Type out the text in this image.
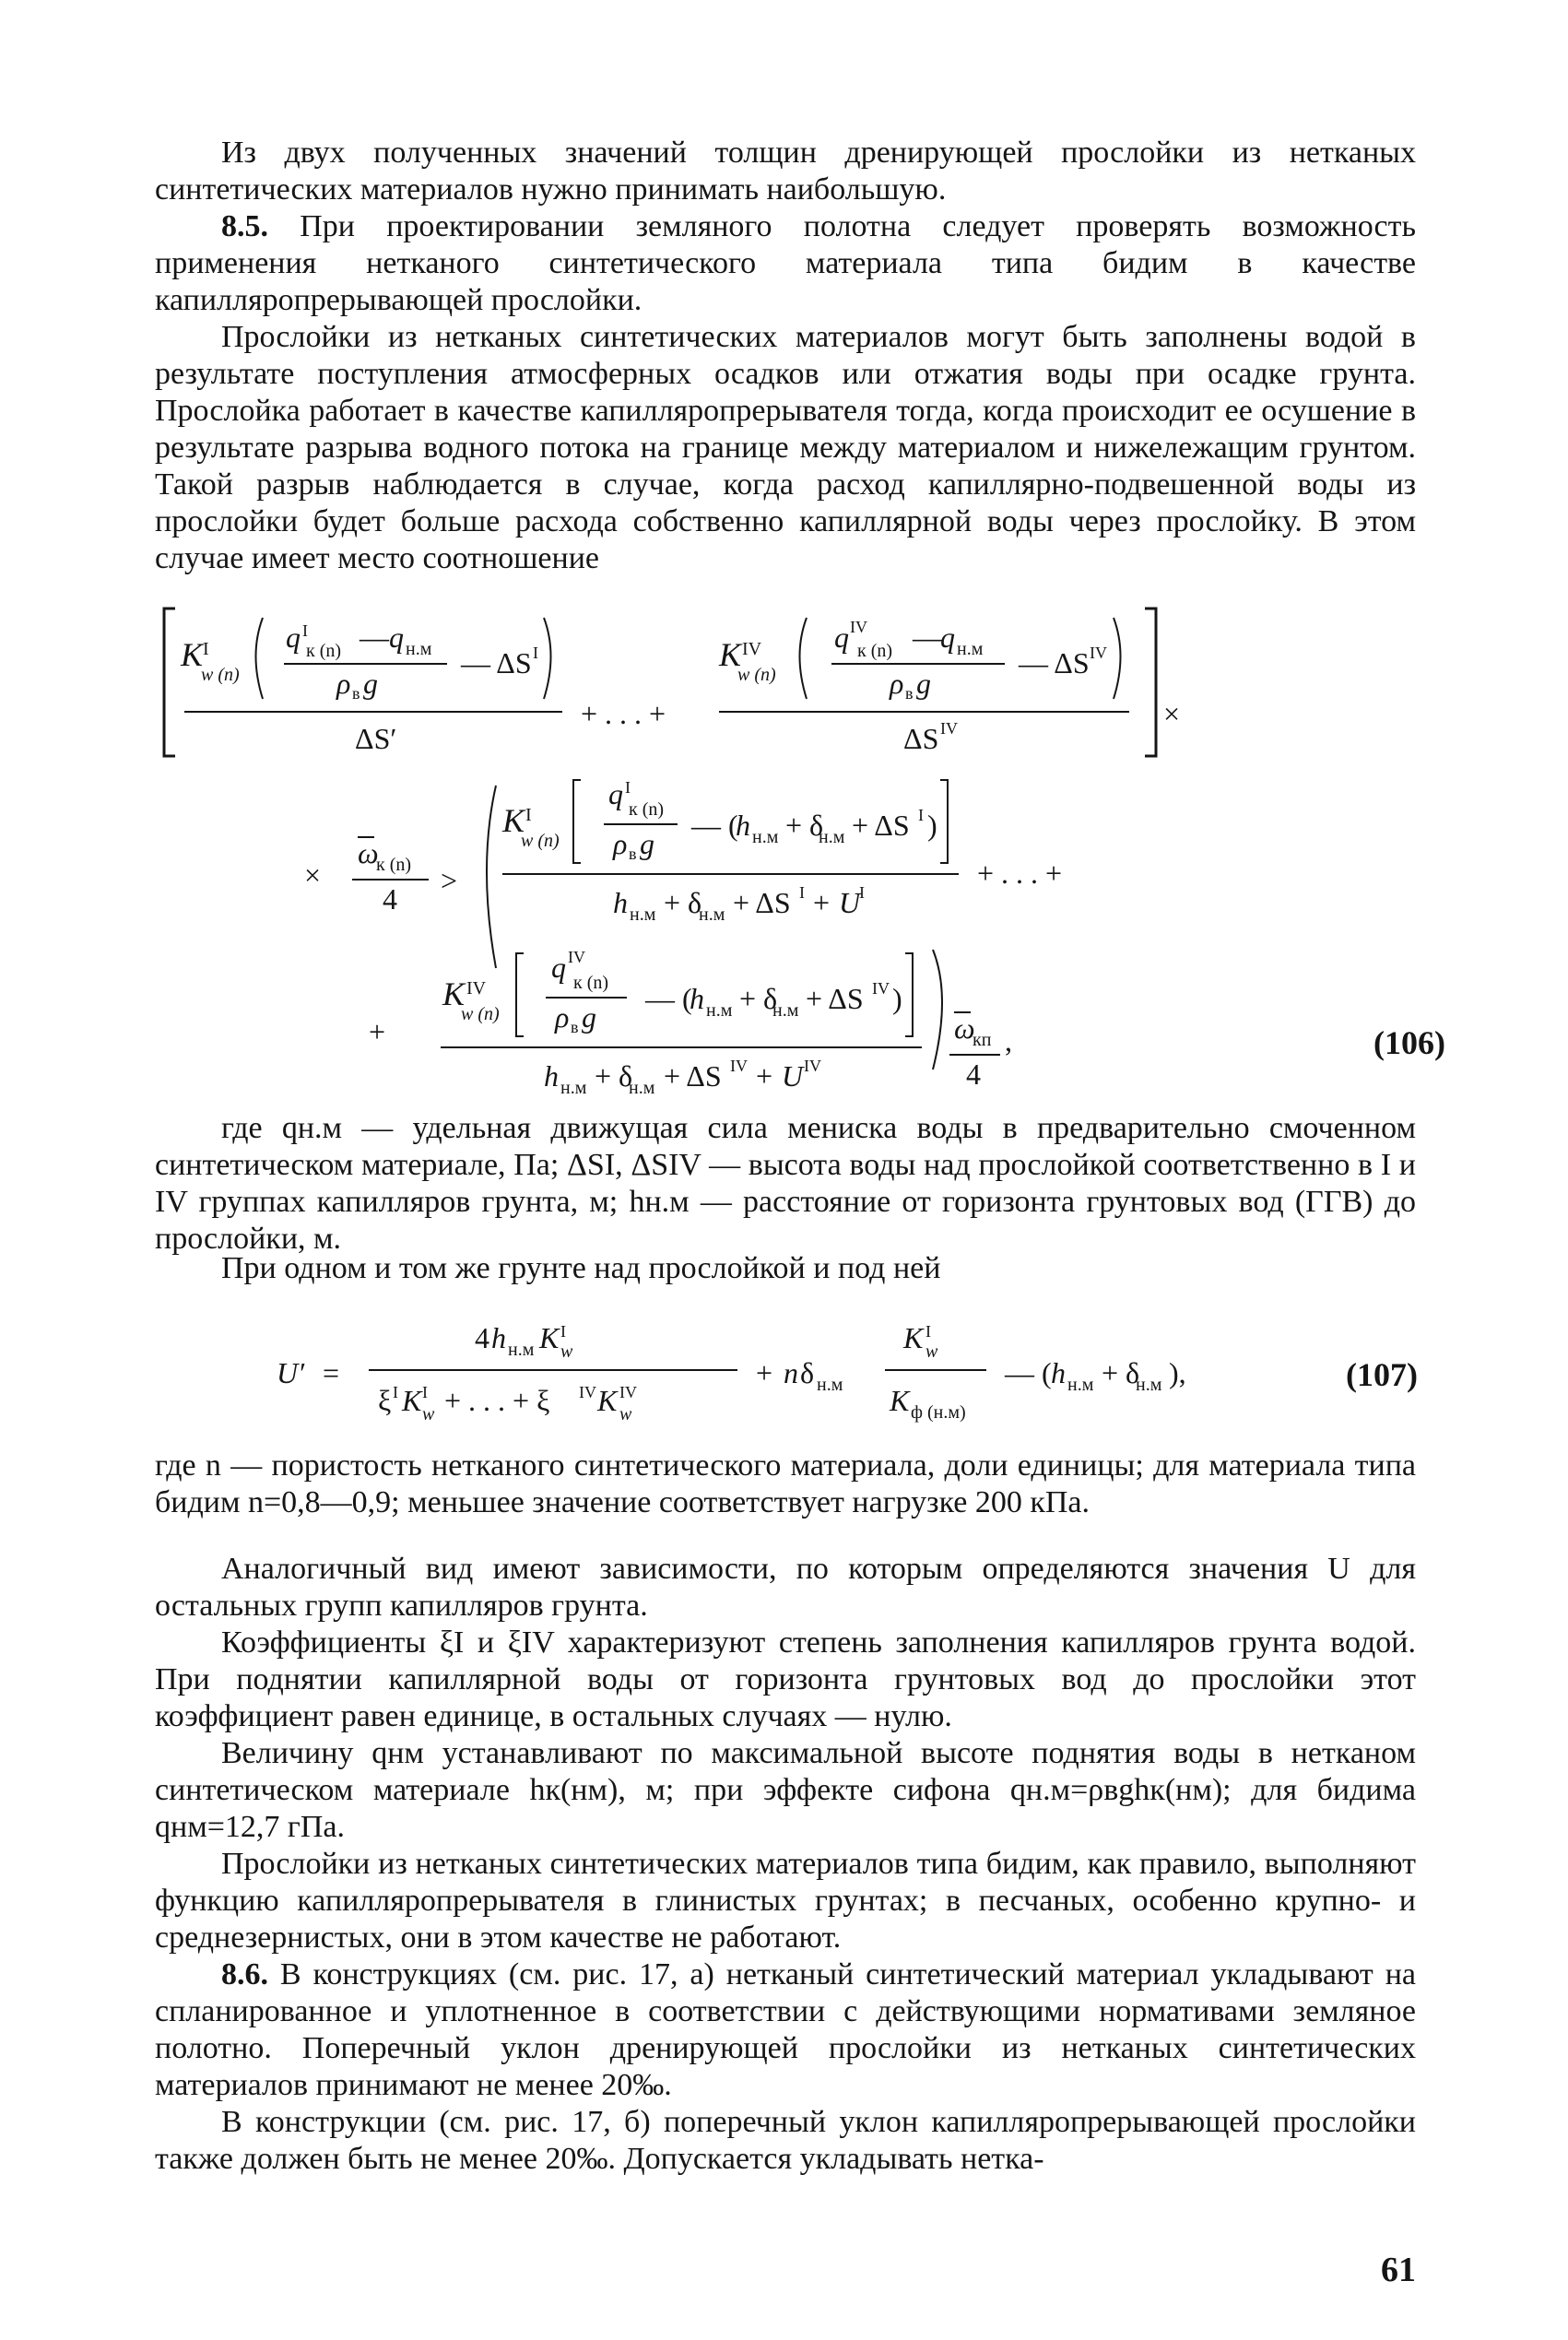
Из двух полученных значений толщин дренирующей прослойки из нетканых синтетических материалов нужно принимать наибольшую.

8.5. При проектировании земляного полотна следует проверять возможность применения нетканого синтетического материала типа бидим в качестве капилляропрерывающей прослойки.

Прослойки из нетканых синтетических материалов могут быть заполнены водой в результате поступления атмосферных осадков или отжатия воды при осадке грунта. Прослойка работает в качестве капилляропрерывателя тогда, когда происходит ее осушение в результате разрыва водного потока на границе между материалом и нижележащим грунтом. Такой разрыв наблюдается в случае, когда расход капиллярно-подвешенной воды из прослойки будет больше расхода собственно капиллярной воды через прослойку. В этом случае имеет место соотношение

K I
w (n)
q I
к (n) — q н.м
ρ в g
— ΔS I
ΔS′
+ . . . +
K IV
w (n)
q IV
к (n) —
q н.м
ρ в g
— ΔS IV
ΔS IV	×
×
ω
к (n)
4
>
K I
w (n)
q I
к (n)
ρ в g
— (
h н.м + δ
н.м + ΔS I )
h н.м + δ
н.м + ΔS I + U
I
+ . . . +
+
K IV
w (n)
q IV
к (n)
ρ в g
— (
h н.м + δ
н.м + ΔS IV )
h н.м + δ
н.м + ΔS IV + U IV
ω
кп
4
,	(106)

где qн.м — удельная движущая сила мениска воды в предварительно смоченном синтетическом материале, Па; ΔSI, ΔSIV — высота воды над прослойкой соответственно в I и IV группах капилляров грунта, м; hн.м — расстояние от горизонта грунтовых вод (ГГВ) до прослойки, м.

При одном и том же грунте над прослойкой и под ней

U′ =
4 h н.м K I
w
ξ I K I
w + . . . + ξ IV K IV
w
+ n δ н.м
K I
w
K ф (н.м)
— ( h н.м + δ
н.м ),	(107)

где n — пористость нетканого синтетического материала, доли единицы; для материала типа бидим n=0,8—0,9; меньшее значение соответствует нагрузке 200 кПа.

Аналогичный вид имеют зависимости, по которым определяются значения U для остальных групп капилляров грунта.

Коэффициенты ξI и ξIV характеризуют степень заполнения капилляров грунта водой. При поднятии капиллярной воды от горизонта грунтовых вод до прослойки этот коэффициент равен единице, в остальных случаях — нулю.

Величину qнм устанавливают по максимальной высоте поднятия воды в нетканом синтетическом материале hк(нм), м; при эффекте сифона qн.м=ρвghк(нм); для бидима qнм=12,7 гПа.

Прослойки из нетканых синтетических материалов типа бидим, как правило, выполняют функцию капилляропрерывателя в глинистых грунтах; в песчаных, особенно крупно- и среднезернистых, они в этом качестве не работают.

8.6. В конструкциях (см. рис. 17, а) нетканый синтетический материал укладывают на спланированное и уплотненное в соответствии с действующими нормативами земляное полотно. Поперечный уклон дренирующей прослойки из нетканых синтетических материалов принимают не менее 20‰.

В конструкции (см. рис. 17, б) поперечный уклон капилляропрерывающей прослойки также должен быть не менее 20‰. Допускается укладывать нетка-

61
